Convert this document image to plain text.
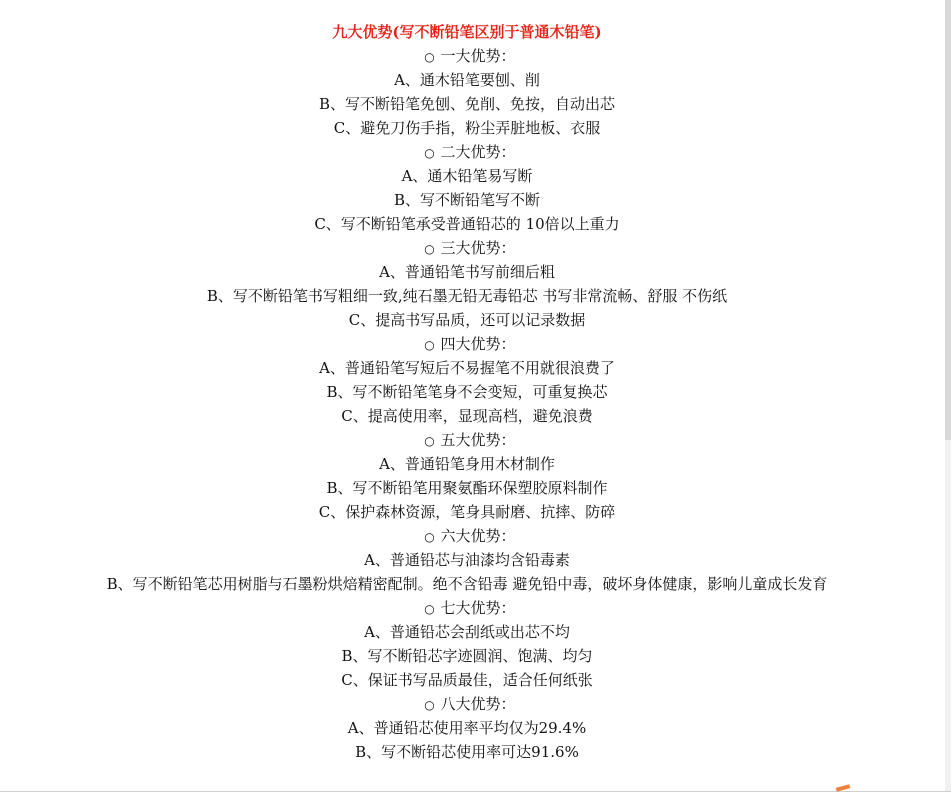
九大优势(写不断铅笔区别于普通木铅笔)
○ 一大优势：
A、通木铅笔要刨、削
B、写不断铅笔免刨、免削、免按，自动出芯
C、避免刀伤手指，粉尘弄脏地板、衣服
○ 二大优势：
A、通木铅笔易写断
B、写不断铅笔写不断
C、写不断铅笔承受普通铅芯的 10倍以上重力
○ 三大优势：
A、普通铅笔书写前细后粗
B、写不断铅笔书写粗细一致,纯石墨无铅无毒铅芯 书写非常流畅、舒服 不伤纸
C、提高书写品质，还可以记录数据
○ 四大优势：
A、普通铅笔写短后不易握笔不用就很浪费了
B、写不断铅笔笔身不会变短，可重复换芯
C、提高使用率，显现高档，避免浪费
○ 五大优势：
A、普通铅笔身用木材制作
B、写不断铅笔用聚氨酯环保塑胶原料制作
C、保护森林资源，笔身具耐磨、抗摔、防碎
○ 六大优势：
A、普通铅芯与油漆均含铅毒素
B、写不断铅笔芯用树脂与石墨粉烘焙精密配制。绝不含铅毒 避免铅中毒，破坏身体健康，影响儿童成长发育
○ 七大优势：
A、普通铅芯会刮纸或出芯不均
B、写不断铅芯字迹圆润、饱满、均匀
C、保证书写品质最佳，适合任何纸张
○ 八大优势：
A、普通铅芯使用率平均仅为29.4%
B、写不断铅芯使用率可达91.6%
